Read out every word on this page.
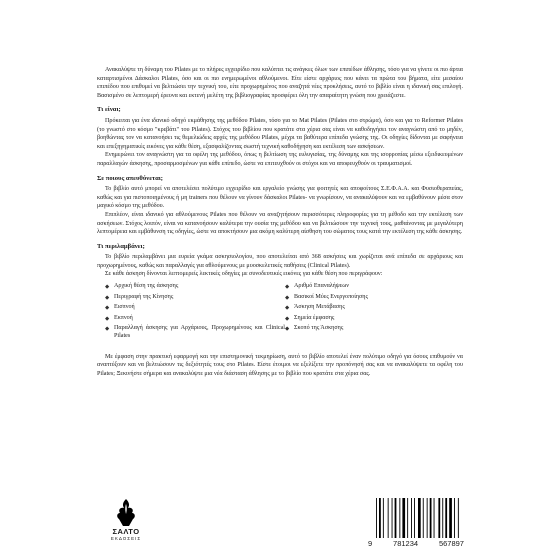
Ανακαλύψτε τη δύναμη του Pilates με το πλήρες εγχειρίδιο που καλύπτει τις ανάγκες όλων των επιπέδων άθλησης, τόσο για να γίνετε οι πιο άρτια καταρτισμένοι Δάσκαλοι Pilates, όσο και οι πιο ενημερωμένοι αθλούμενοι. Είτε είστε αρχάριος που κάνει τα πρώτα του βήματα, είτε μεσαίου επιπέδου που επιθυμεί να βελτιώσει την τεχνική του, είτε προχωρημένος που αναζητά νέες προκλήσεις, αυτό το βιβλίο είναι η ιδανική σας επιλογή. Βασισμένο σε λεπτομερή έρευνα και εκτενή μελέτη της βιβλιογραφίας προσφέρει όλη την απαραίτητη γνώση που χρειάζεστε.

Τι είναι;

Πρόκειται για ένα ιδανικό οδηγό εκμάθησης της μεθόδου Pilates, τόσο για το Mat Pilates (Pilates στο στρώμα), όσο και για το Reformer Pilates (το γνωστό στο κόσμο "κρεβάτι" του Pilates). Στόχος του βιβλίου που κρατάτε στα χέρια σας είναι να καθοδηγήσει τον αναγνώστη από το μηδέν, βοηθώντας τον να κατανοήσει τις θεμελιώδεις αρχές της μεθόδου Pilates, μέχρι τα βαθύτερα επίπεδα γνώσης της. Οι οδηγίες δίδονται με σαφήνεια και επεξηγηματικές εικόνες για κάθε θέση, εξασφαλίζοντας σωστή τεχνική καθοδήγηση και εκτέλεση των ασκήσεων.

Ενημερώνει τον αναγνώστη για τα οφέλη της μεθόδου, όπως η βελτίωση της ευλυγισίας, της δύναμης και της ισορροπίας μέσω εξειδικευμένων παραλλαγών άσκησης, προσαρμοσμένων για κάθε επίπεδο, ώστε να επιτευχθούν οι στόχοι και να αποφευχθούν οι τραυματισμοί.

Σε ποιους απευθύνεται;

Το βιβλίο αυτό μπορεί να αποτελέσει πολύτιμο εγχειρίδιο και εργαλείο γνώσης για φοιτητές και αποφοίτους Σ.Ε.Φ.Α.Α. και Φυσιοθεραπείας, καθώς και για πιστοποιημένους ή μη trainers που θέλουν να γίνουν δάσκαλοι Pilates- να γνωρίσουν, να ανακαλύψουν και να εμβαθύνουν μέσα στον μαγικό κόσμο της μεθόδου.

Επιπλέον, είναι ιδανικό για αθλούμενους Pilates που θέλουν να αναζητήσουν περισσότερες πληροφορίες για τη μέθοδο και την εκτέλεση των ασκήσεων. Στόχος λοιπόν, είναι να κατανοήσουν καλύτερα την ουσία της μεθόδου και να βελτιώσουν την τεχνική τους, μαθαίνοντας με μεγαλύτερη λεπτομέρεια και εμβάθυνση τις οδηγίες, ώστε να αποκτήσουν μια ακόμη καλύτερη αίσθηση του σώματος τους κατά την εκτέλεση της κάθε άσκησης.

Τι περιλαμβάνει;

Το βιβλίο περιλαμβάνει μια ευρεία γκάμα ασκησιολογίου, που αποτελείται από 368 ασκήσεις και χωρίζεται ανά επίπεδα σε αρχάριους και προχωρημένους, καθώς και παραλλαγές για αθλούμενους με μυοσκελετικές παθήσεις (Clinical Pilates).

Σε κάθε άσκηση δίνονται λεπτομερείς λεκτικές οδηγίες με συνοδευτικές εικόνες για κάθε θέση που περιγράφουν:

◆ Αρχική θέση της άσκησης
◆ Περιγραφή της Κίνησης
◆ Εισπνοή
◆ Εκπνοή
◆ Παραλλαγή άσκησης για Αρχάριους, Προχωρημένους και Clinical Pilates
◆ Αριθμό Επαναλήψεων
◆ Βασικοί Μύες Ενεργοποίησης
◆ Άσκηση Μετάβασης
◆ Σημεία έμφασης
◆ Σκοπό της Άσκησης

Με έμφαση στην πρακτική εφαρμογή και την επιστημονική τεκμηρίωση, αυτό το βιβλίο αποτελεί έναν πολύτιμο οδηγό για όσους επιθυμούν να αναπτύξουν και να βελτιώσουν τις δεξιότητές τους στο Pilates. Είστε έτοιμοι να εξελίξετε την προπόνησή σας και να ανακαλύψετε τα οφέλη του Pilates; Ξεκινήστε σήμερα και ανακαλύψτε μια νέα διάσταση άθλησης με το βιβλίο που κρατάτε στα χέρια σας.

ΣΑΛΤΟ
ΕΚΔΟΣΕΙΣ
9	781234	567897
